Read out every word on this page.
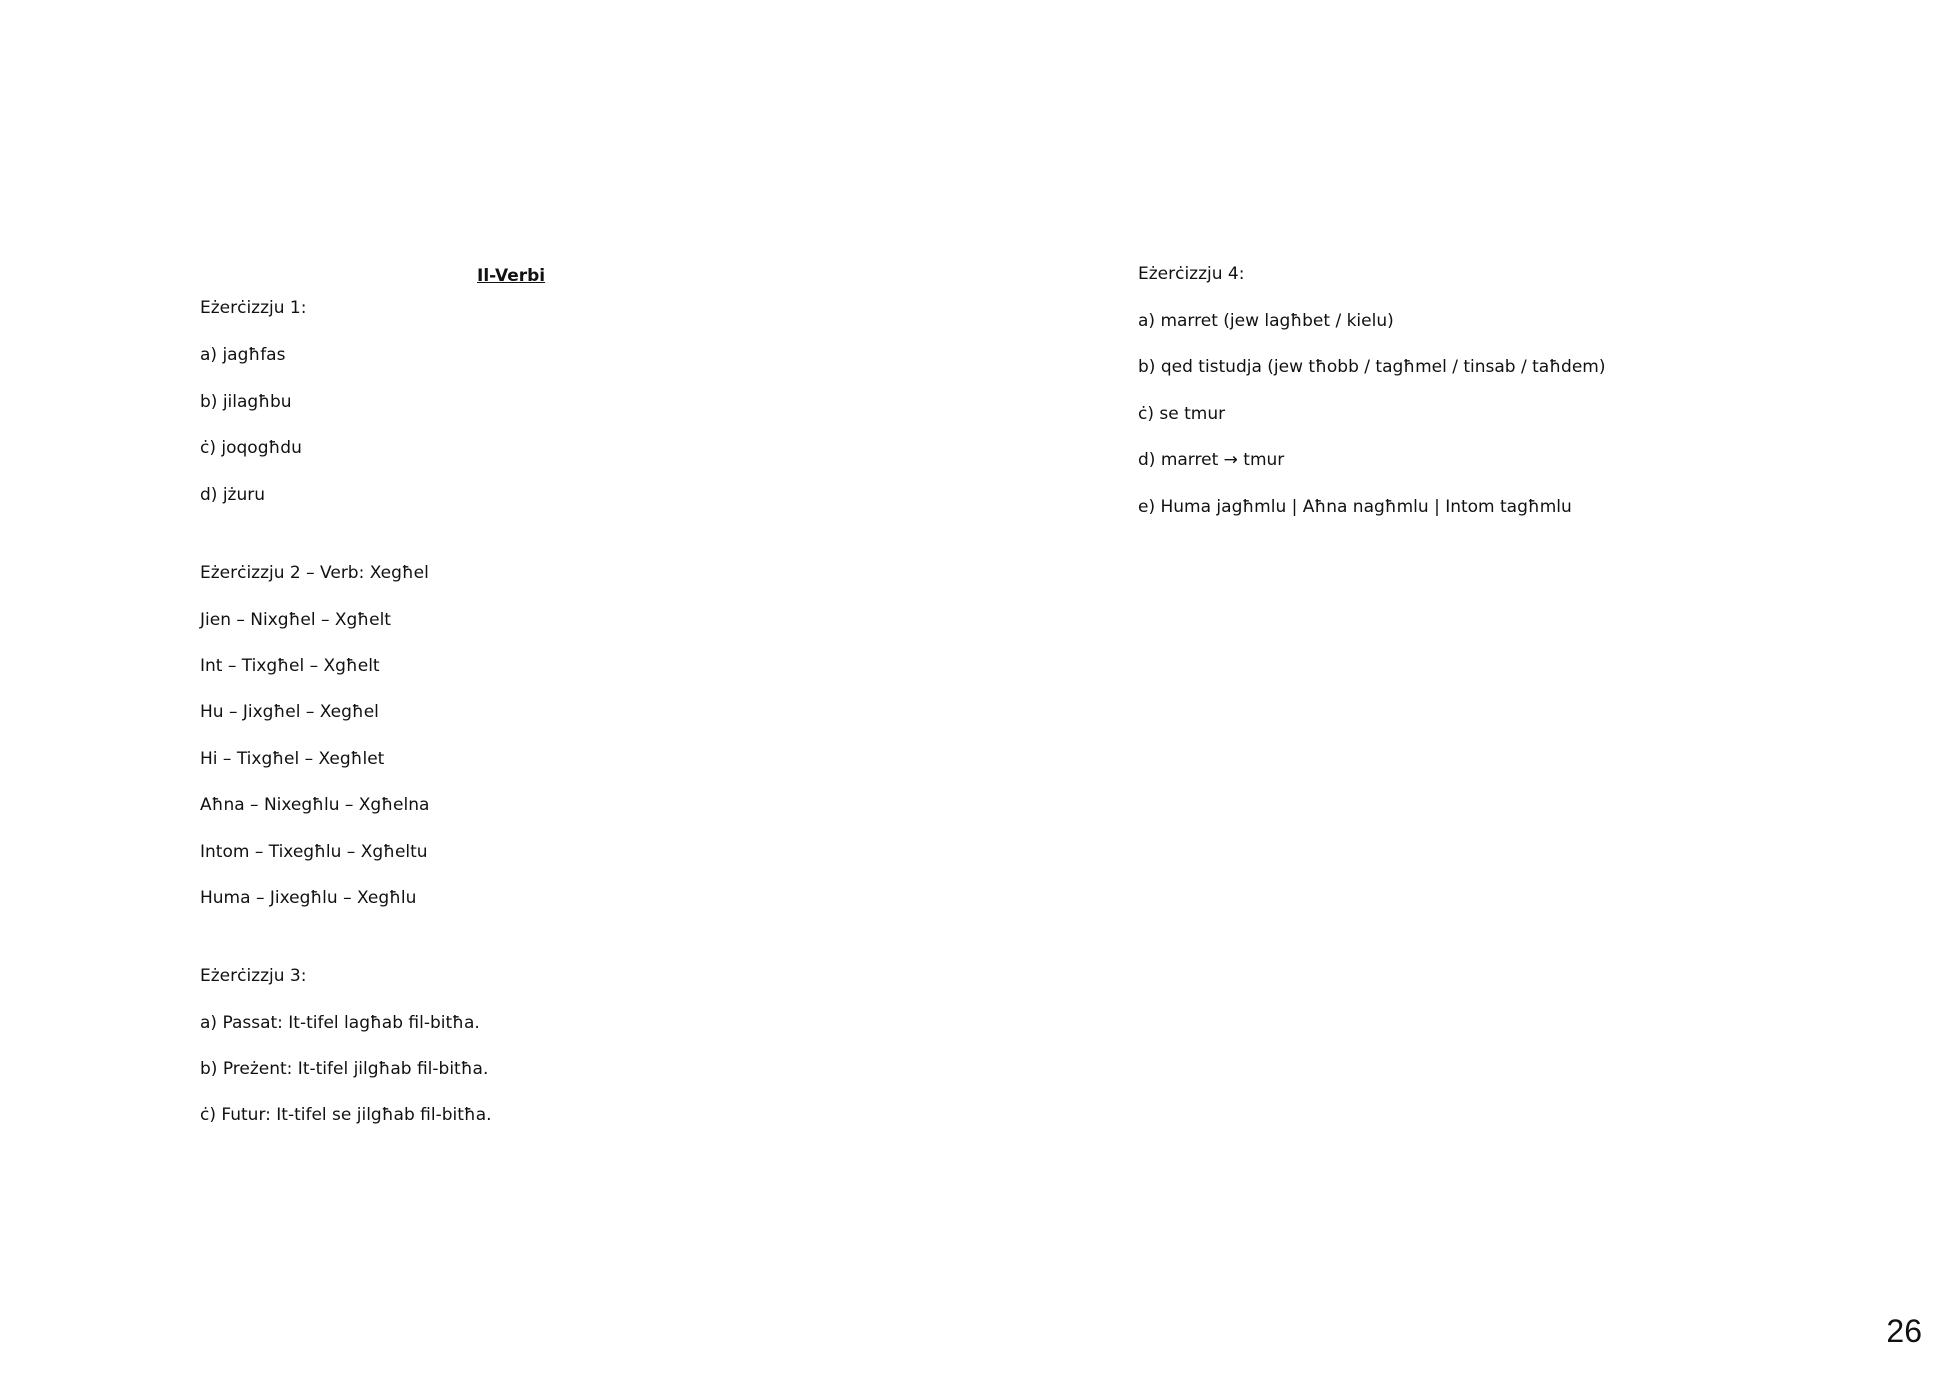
Il-Verbi
Eżerċizzju 1:
a) jagħfas
b) jilagħbu
ċ) joqogħdu
d) jżuru
Eżerċizzju 2 – Verb: Xegħel
Jien – Nixgħel – Xgħelt
Int – Tixgħel – Xgħelt
Hu – Jixgħel – Xegħel
Hi – Tixgħel – Xegħlet
Aħna – Nixegħlu – Xgħelna
Intom – Tixegħlu – Xgħeltu
Huma – Jixegħlu – Xegħlu
Eżerċizzju 3:
a) Passat: It-tifel lagħab fil-bitħa.
b) Preżent: It-tifel jilgħab fil-bitħa.
ċ) Futur: It-tifel se jilgħab fil-bitħa.
Eżerċizzju 4:
a) marret (jew lagħbet / kielu)
b) qed tistudja (jew tħobb / tagħmel / tinsab / taħdem)
ċ) se tmur
d) marret → tmur
e) Huma jagħmlu | Aħna nagħmlu | Intom tagħmlu
26
